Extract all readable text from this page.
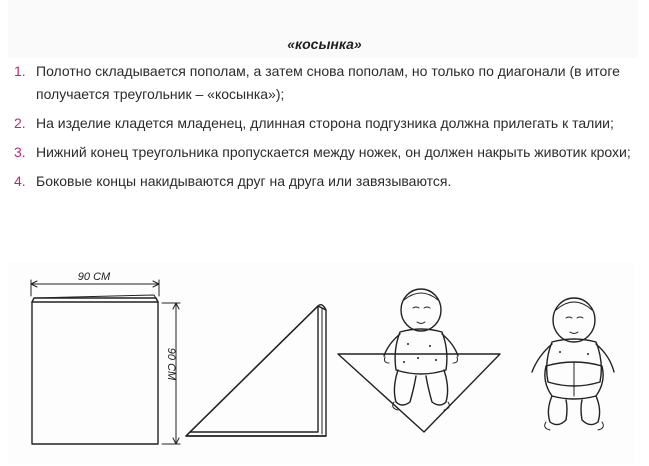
«косынка»
1. Полотно складывается пополам, а затем снова пополам, но только по диагонали (в итоге получается треугольник – «косынка»);
2. На изделие кладется младенец, длинная сторона подгузника должна прилегать к талии;
3. Нижний конец треугольника пропускается между ножек, он должен накрыть животик крохи;
4. Боковые концы накидываются друг на друга или завязываются.
90 CM
90 CM
